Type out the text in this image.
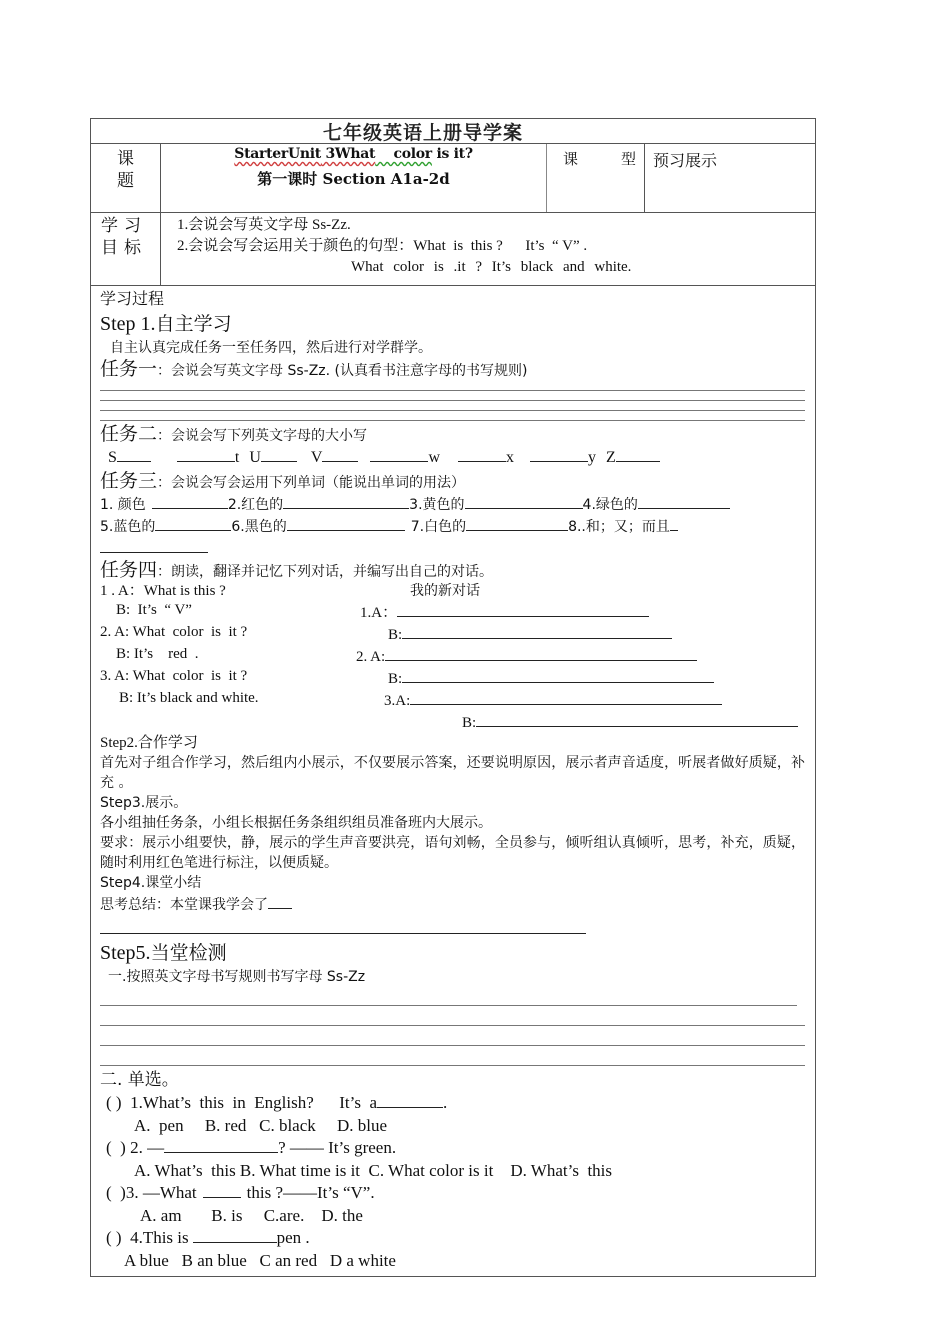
七年级英语上册导学案
课题
StarterUnit 3What    color is it?
第一课时 Section A1a-2d
课	型	预习展示
学习
目标
1.会说会写英文字母 Ss-Zz.
2.会说会写会运用关于颜色的句型：What  is  this ?      It’s  “ V” .
What color is .it ? It’s black and white.
学习过程
Step 1.自主学习
自主认真完成任务一至任务四，然后进行对学群学。
任务一：会说会写英文字母 Ss-Zz. (认真看书注意字母的书写规则)
任务二：会说会写下列英文字母的大小写
S	t U	V	w	x	y Z
任务三：会说会写会运用下列单词（能说出单词的用法）
1. 颜色	2.红色的	3.黄色的	4.绿色的
5.蓝色的	6.黑色的	7.白色的	8..和；又；而且
任务四：朗读，翻译并记忆下列对话，并编写出自己的对话。
1 . A：What is this ?	我的新对话
B:  It’s  “ V”	1.A：
2. A: What  color  is  it ?	B:
B: It’s    red  .	2. A:
3. A: What  color  is  it ?	B:
B: It’s black and white.	3.A:
B:
Step2.合作学习
首先对子组合作学习，然后组内小展示，不仅要展示答案，还要说明原因，展示者声音适度，听展者做好质疑，补充 。
Step3.展示。
各小组抽任务条，小组长根据任务条组织组员准备班内大展示。
要求：展示小组要快，静，展示的学生声音要洪亮，语句刘畅，全员参与，倾听组认真倾听，思考，补充，质疑，随时利用红色笔进行标注，以便质疑。
Step4.课堂小结
思考总结：本堂课我学会了
Step5.当堂检测
一.按照英文字母书写规则书写字母 Ss-Zz
二. 单选。
( )  1.What’s  this  in  English?      It’s  a	.
A.  pen     B. red   C. black     D. blue
(  ) 2. —	? —— It’s green.
A. What’s  this B. What time is it  C. What color is it    D. What’s  this
(  )3. —What	this ?——It’s “V”.
A. am       B. is     C.are.    D. the
( )  4.This is	pen .
A blue   B an blue   C an red   D a white
